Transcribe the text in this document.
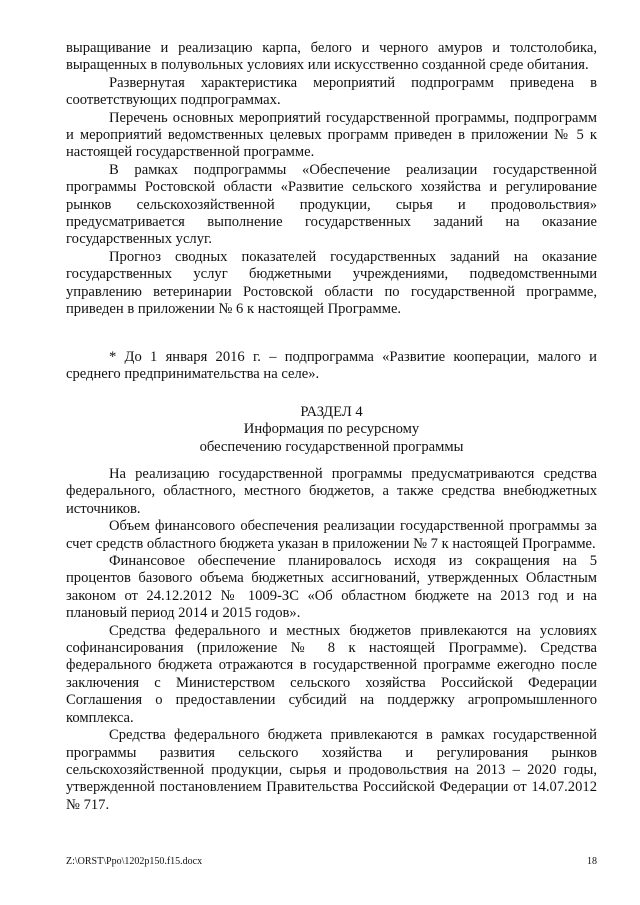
выращивание и реализацию карпа, белого и черного амуров и толстолобика, выращенных в полувольных условиях или искусственно созданной среде обитания.

Развернутая характеристика мероприятий подпрограмм приведена в соответствующих подпрограммах.

Перечень основных мероприятий государственной программы, подпрограмм и мероприятий ведомственных целевых программ приведен в приложении № 5 к настоящей государственной программе.

В рамках подпрограммы «Обеспечение реализации государственной программы Ростовской области «Развитие сельского хозяйства и регулирование рынков сельскохозяйственной продукции, сырья и продовольствия» предусматривается выполнение государственных заданий на оказание государственных услуг.

Прогноз сводных показателей государственных заданий на оказание государственных услуг бюджетными учреждениями, подведомственными управлению ветеринарии Ростовской области по государственной программе, приведен в приложении № 6 к настоящей Программе.

* До 1 января 2016 г. – подпрограмма «Развитие кооперации, малого и среднего предпринимательства на селе».

РАЗДЕЛ 4
Информация по ресурсному
обеспечению государственной программы

На реализацию государственной программы предусматриваются средства федерального, областного, местного бюджетов, а также средства внебюджетных источников.

Объем финансового обеспечения реализации государственной программы за счет средств областного бюджета указан в приложении № 7 к настоящей Программе.

Финансовое обеспечение планировалось исходя из сокращения на 5 процентов базового объема бюджетных ассигнований, утвержденных Областным законом от 24.12.2012 № 1009-ЗС «Об областном бюджете на 2013 год и на плановый период 2014 и 2015 годов».

Средства федерального и местных бюджетов привлекаются на условиях софинансирования (приложение № 8 к настоящей Программе). Средства федерального бюджета отражаются в государственной программе ежегодно после заключения с Министерством сельского хозяйства Российской Федерации Соглашения о предоставлении субсидий на поддержку агропромышленного комплекса.

Средства федерального бюджета привлекаются в рамках государственной программы развития сельского хозяйства и регулирования рынков сельскохозяйственной продукции, сырья и продовольствия на 2013 – 2020 годы, утвержденной постановлением Правительства Российской Федерации от 14.07.2012 № 717.

Z:\ORST\Ppo\1202p150.f15.docx	18
